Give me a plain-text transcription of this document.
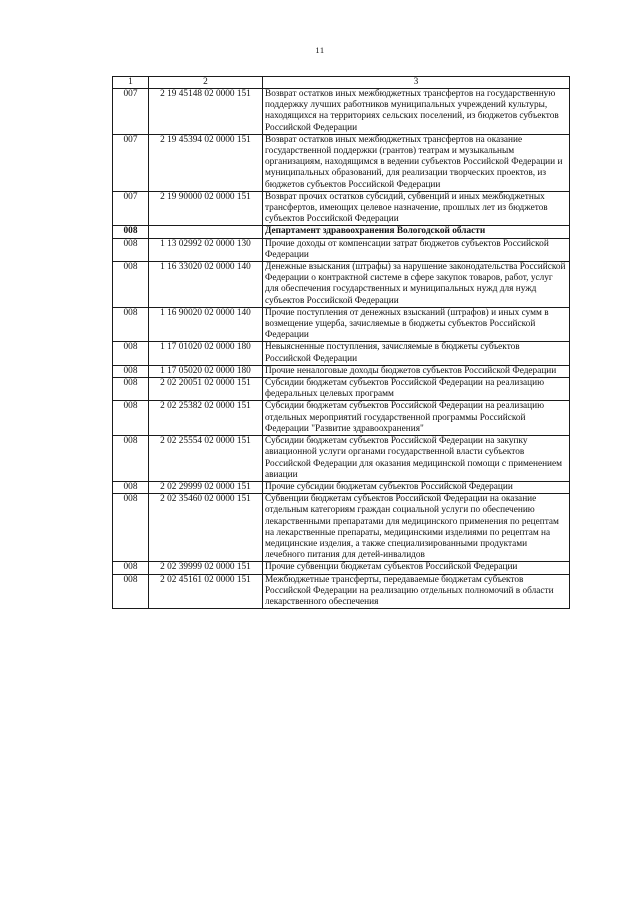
11
1	2	3
007	2 19 45148 02 0000 151	Возврат остатков иных межбюджетных трансфертов на государственную поддержку лучших работников муниципальных учреждений культуры, находящихся на территориях сельских поселений, из бюджетов субъектов Российской Федерации
007	2 19 45394 02 0000 151	Возврат остатков иных межбюджетных трансфертов на оказание государственной поддержки (грантов) театрам и музыкальным организациям, находящимся в ведении субъектов Российской Федерации и муниципальных образований, для реализации творческих проектов, из бюджетов субъектов Российской Федерации
007	2 19 90000 02 0000 151	Возврат прочих остатков субсидий, субвенций и иных межбюджетных трансфертов, имеющих целевое назначение, прошлых лет из бюджетов субъектов Российской Федерации
008		Департамент здравоохранения Вологодской области
008	1 13 02992 02 0000 130	Прочие доходы от компенсации затрат бюджетов субъектов Российской Федерации
008	1 16 33020 02 0000 140	Денежные взыскания (штрафы) за нарушение законодательства Российской Федерации о контрактной системе в сфере закупок товаров, работ, услуг для обеспечения государственных и муниципальных нужд для нужд субъектов Российской Федерации
008	1 16 90020 02 0000 140	Прочие поступления от денежных взысканий (штрафов) и иных сумм в возмещение ущерба, зачисляемые в бюджеты субъектов Российской Федерации
008	1 17 01020 02 0000 180	Невыясненные поступления, зачисляемые в бюджеты субъектов Российской Федерации
008	1 17 05020 02 0000 180	Прочие неналоговые доходы бюджетов субъектов Российской Федерации
008	2 02 20051 02 0000 151	Субсидии бюджетам субъектов Российской Федерации на реализацию федеральных целевых программ
008	2 02 25382 02 0000 151	Субсидии бюджетам субъектов Российской Федерации на реализацию отдельных мероприятий государственной программы Российской Федерации "Развитие здравоохранения"
008	2 02 25554 02 0000 151	Субсидии бюджетам субъектов Российской Федерации на закупку авиационной услуги органами государственной власти субъектов Российской Федерации для оказания медицинской помощи с применением авиации
008	2 02 29999 02 0000 151	Прочие субсидии бюджетам субъектов Российской Федерации
008	2 02 35460 02 0000 151	Субвенции бюджетам субъектов Российской Федерации на оказание отдельным категориям граждан социальной услуги по обеспечению лекарственными препаратами для медицинского применения по рецептам на лекарственные препараты, медицинскими изделиями по рецептам на медицинские изделия, а также специализированными продуктами лечебного питания для детей-инвалидов
008	2 02 39999 02 0000 151	Прочие субвенции бюджетам субъектов Российской Федерации
008	2 02 45161 02 0000 151	Межбюджетные трансферты, передаваемые бюджетам субъектов Российской Федерации на реализацию отдельных полномочий в области лекарственного обеспечения
